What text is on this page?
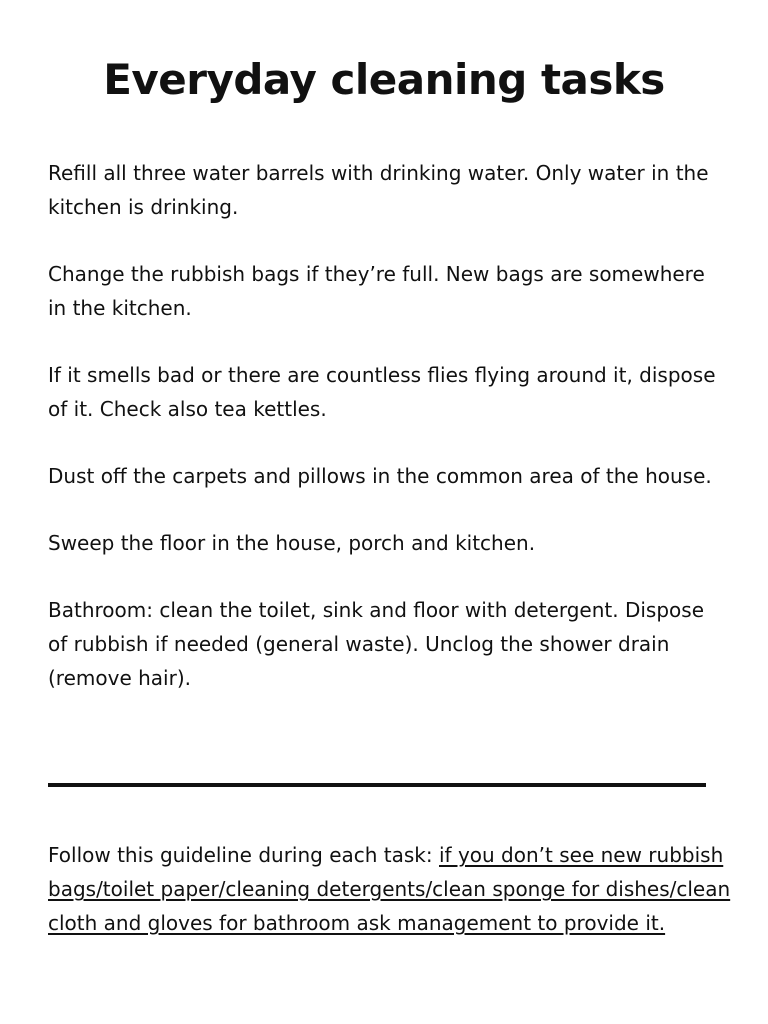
Everyday cleaning tasks

Refill all three water barrels with drinking water. Only water in the kitchen is drinking.

Change the rubbish bags if they’re full. New bags are somewhere in the kitchen.

If it smells bad or there are countless flies flying around it, dispose of it. Check also tea kettles.

Dust off the carpets and pillows in the common area of the house.

Sweep the floor in the house, porch and kitchen.

Bathroom: clean the toilet, sink and floor with detergent. Dispose of rubbish if needed (general waste). Unclog the shower drain (remove hair).

Follow this guideline during each task: if you don’t see new rubbish bags/toilet paper/cleaning detergents/clean sponge for dishes/clean cloth and gloves for bathroom ask management to provide it.
